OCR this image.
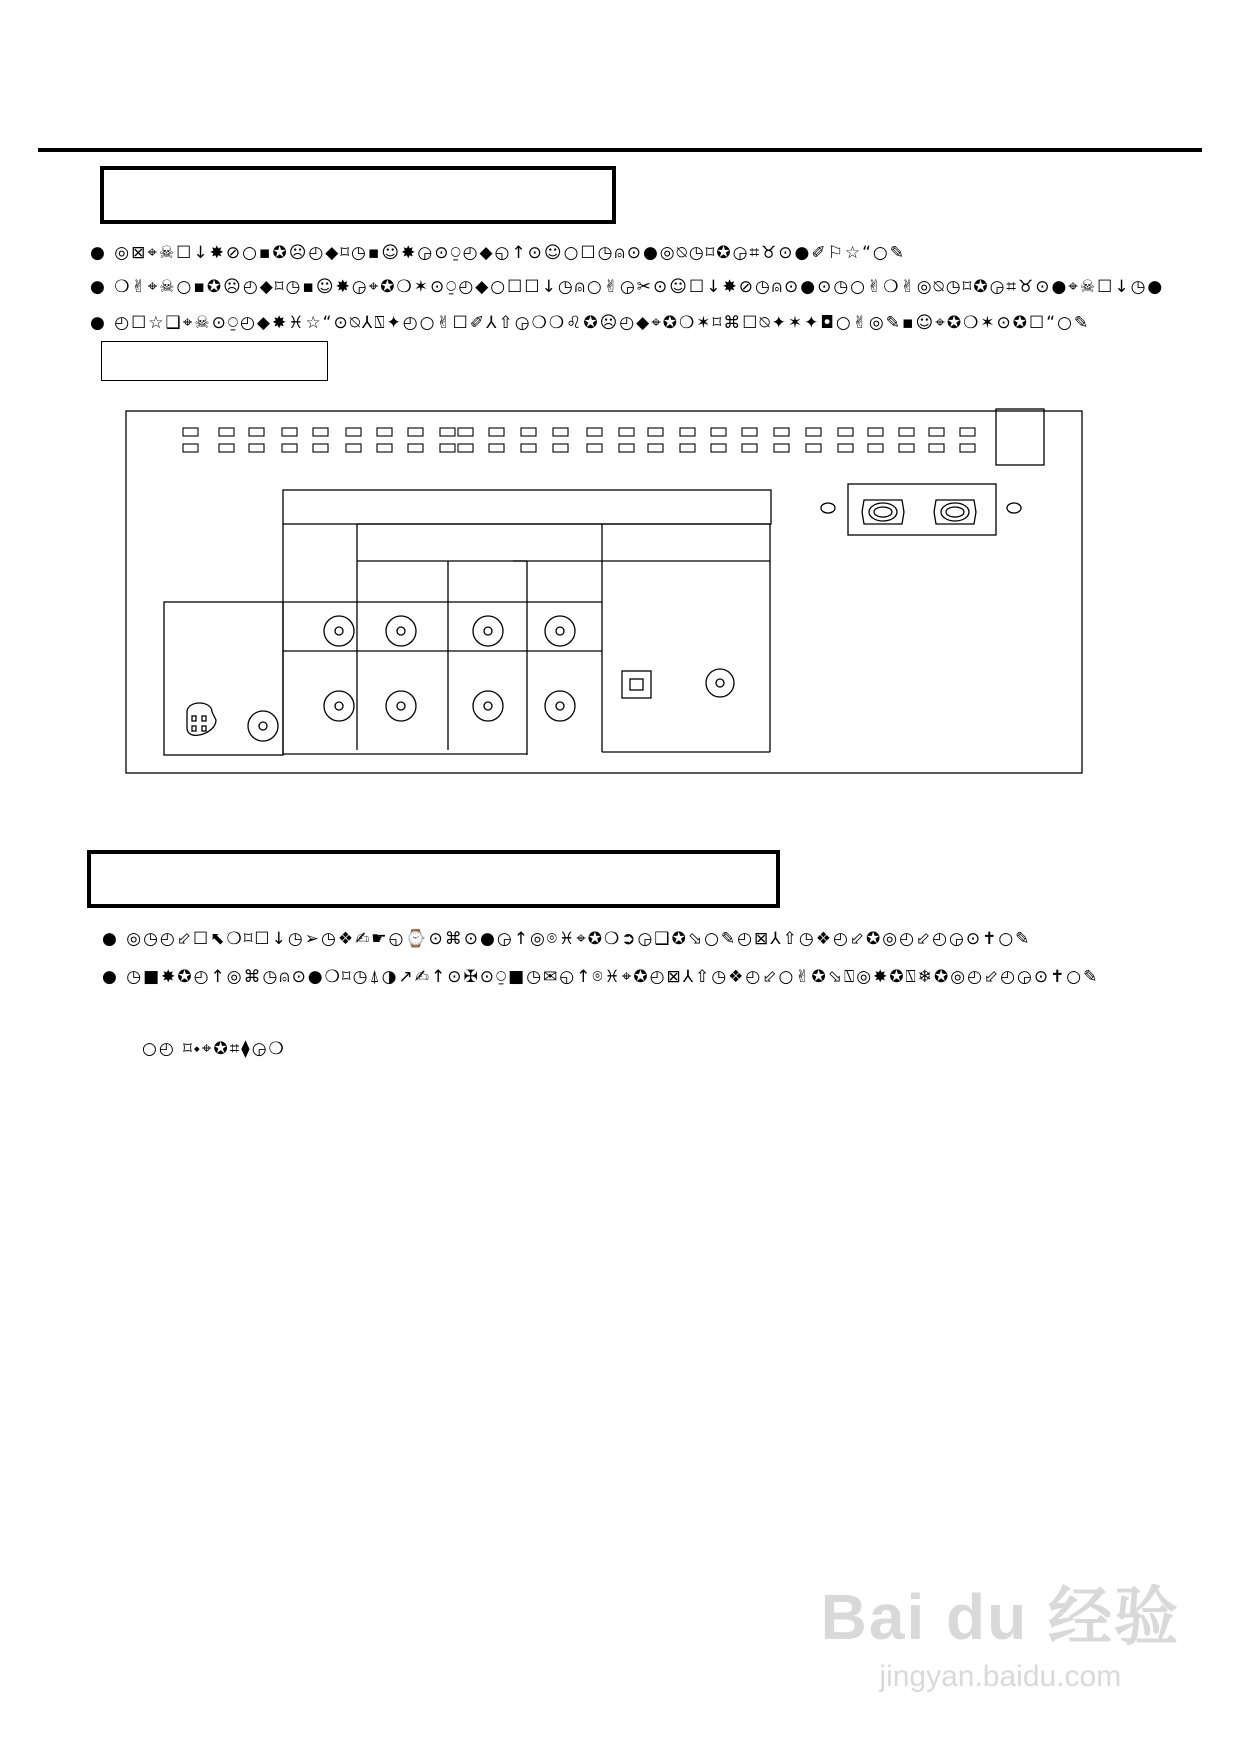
● ◎⊠⌖☠☐↓✸⊘○▪✪☹◴◆⌑◷▪☺✸◶⊙⍜◴◆◵↑⊙☺○☐◷⍝⊙●◎⍉◷⌑✪◶⌗♉⊙●✐⚐☆“○✎
● ❍✌⌖☠○▪✪☹◴◆⌑◷▪☺✸◶⌖✪❍✶⊙⍜◴◆○☐☐↓◷⍝○✌◶✂⊙☺☐↓✸⊘◷⍝⊙●⊙◷○✌❍✌◎⍉◷⌑✪◶⌗♉⊙●⌖☠☐↓◷●
● ◴☐☆❑⌖☠⊙⍜◴◆✸♓☆“⊙⍉⅄⍂✦◴○✌☐✐⅄⇧◶❍❍♌✪☹◴◆⌖✪❍✶⌑⌘☐⍉✦✶✦◘○✌◎✎▪☺⌖✪❍✶⊙✪☐“○✎
● ◎◷◴⬃☐⬉❍⌑☐↓◷➢◷❖✍☛◵⌚⊙⌘⊙●◶↑◎⌾♓⌖✪❍➲◶❑✪⬂○✎◴⊠⅄⇧◷❖◴⬃✪◎◴⬃◴◶⊙✝○✎
● ◷■✸✪◴↑◎⌘◷⍝⊙●❍⌑◷⍋◑↗✍↑⊙✠⊙⍜■◷✉◵↑⌾♓⌖✪◴⊠⅄⇧◷❖◴⬃○✌✪⬂⍂◎✸✪⍂❄✪◎◴⬃◴◶⊙✝○✎
○◴ ⌑⬩⌖✪⌗⧫◶❍
Bai du 经验
jingyan.baidu.com
